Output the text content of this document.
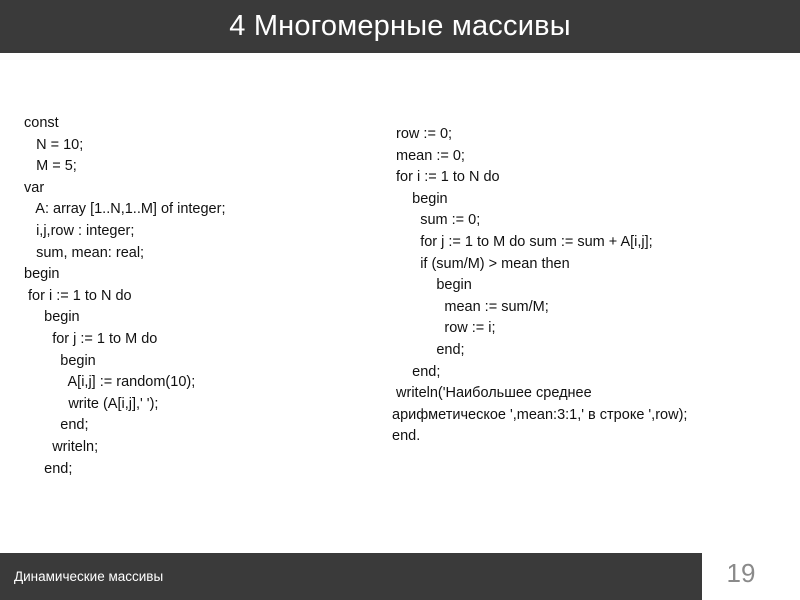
4 Многомерные массивы
const
N = 10;
M = 5;
var
A: array [1..N,1..M] of integer;
i,j,row : integer;
sum, mean: real;
begin
for i := 1 to N do
begin
for j := 1 to M do
begin
A[i,j] := random(10);
write (A[i,j],' ');
end;
writeln;
end;
row := 0;
mean := 0;
for i := 1 to N do
begin
sum := 0;
for j := 1 to M do sum := sum + A[i,j];
if (sum/M) > mean then
begin
mean := sum/M;
row := i;
end;
end;
writeln('Наибольшее среднее
арифметическое ',mean:3:1,' в строке ',row);
end.
Динамические массивы	19
